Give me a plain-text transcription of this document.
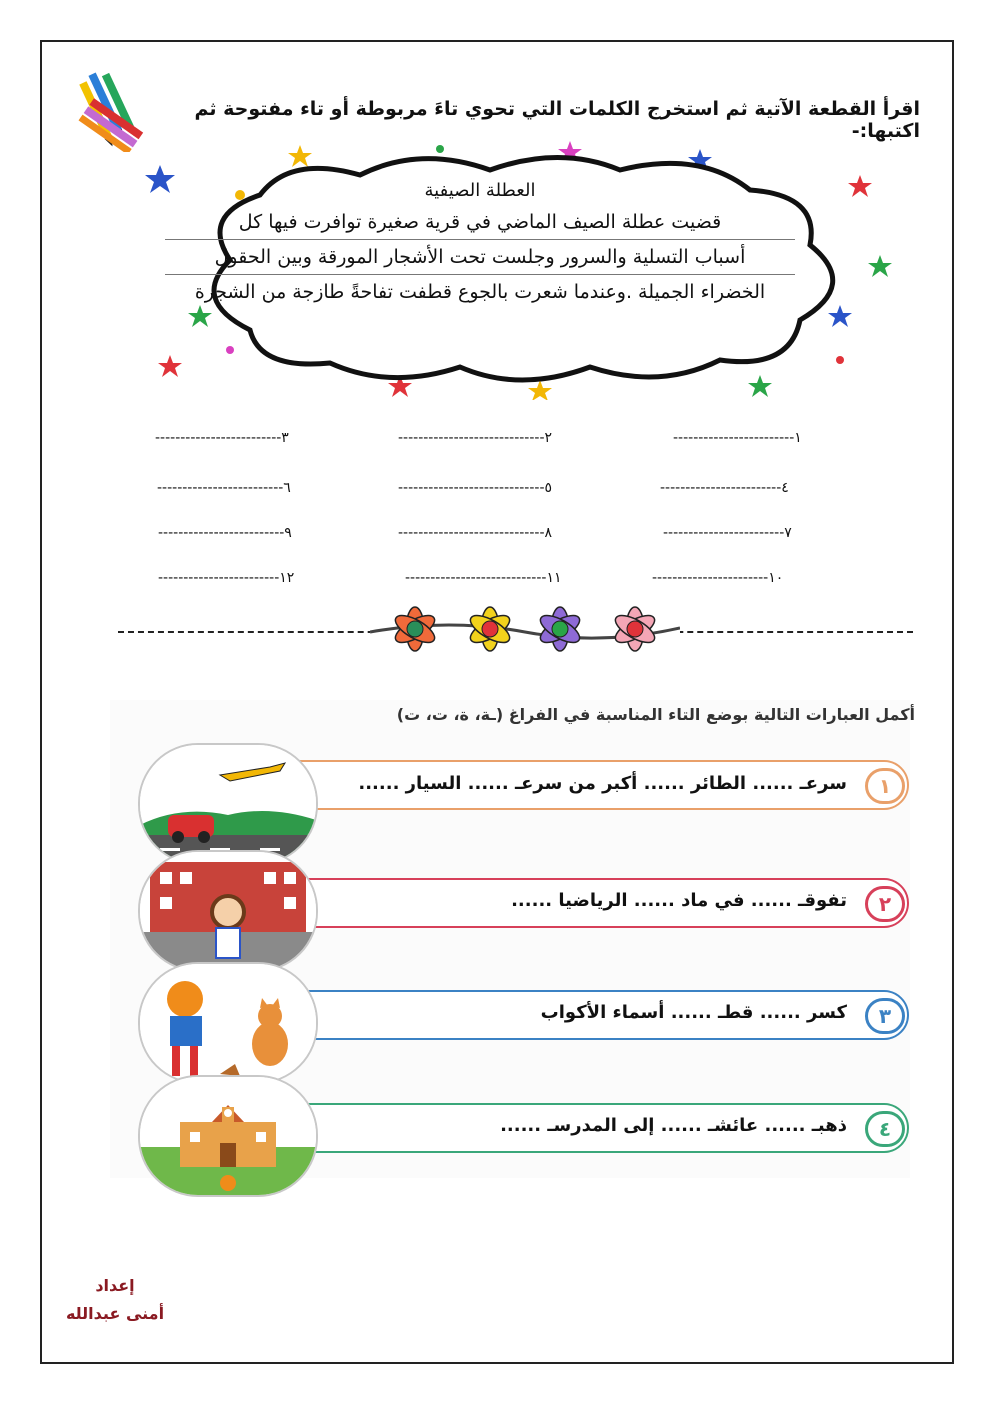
اقرأ القطعة الآتية ثم استخرج الكلمات التي تحوي تاءَ مربوطة أو تاء مفتوحة ثم اكتبها:-
العطلة الصيفية
قضيت عطلة الصيف الماضي في قرية صغيرة توافرت فيها كل
أسباب التسلية والسرور وجلست تحت الأشجار المورقة وبين الحقول
الخضراء الجميلة .وعندما شعرت بالجوع قطفت تفاحةً طازجة من الشجرة
١------------------------
٢-----------------------------
٣-------------------------
٤------------------------
٥-----------------------------
٦-------------------------
٧------------------------
٨-----------------------------
٩-------------------------
١٠-----------------------
١١----------------------------
١٢------------------------
أكمل العبارات التالية بوضع التاء المناسبة في الفراغ (ـة، ة، ت، ت)
١
سرعـ ...... الطائر ...... أكبر من سرعـ ...... السيار ......
٢
تفوقـ ...... في ماد ...... الرياضيا ......
٣
كسر ...... قطـ ...... أسماء الأكواب
٤
ذهبـ ...... عائشـ ...... إلى المدرسـ ......
إعداد
أمنى عبدالله
